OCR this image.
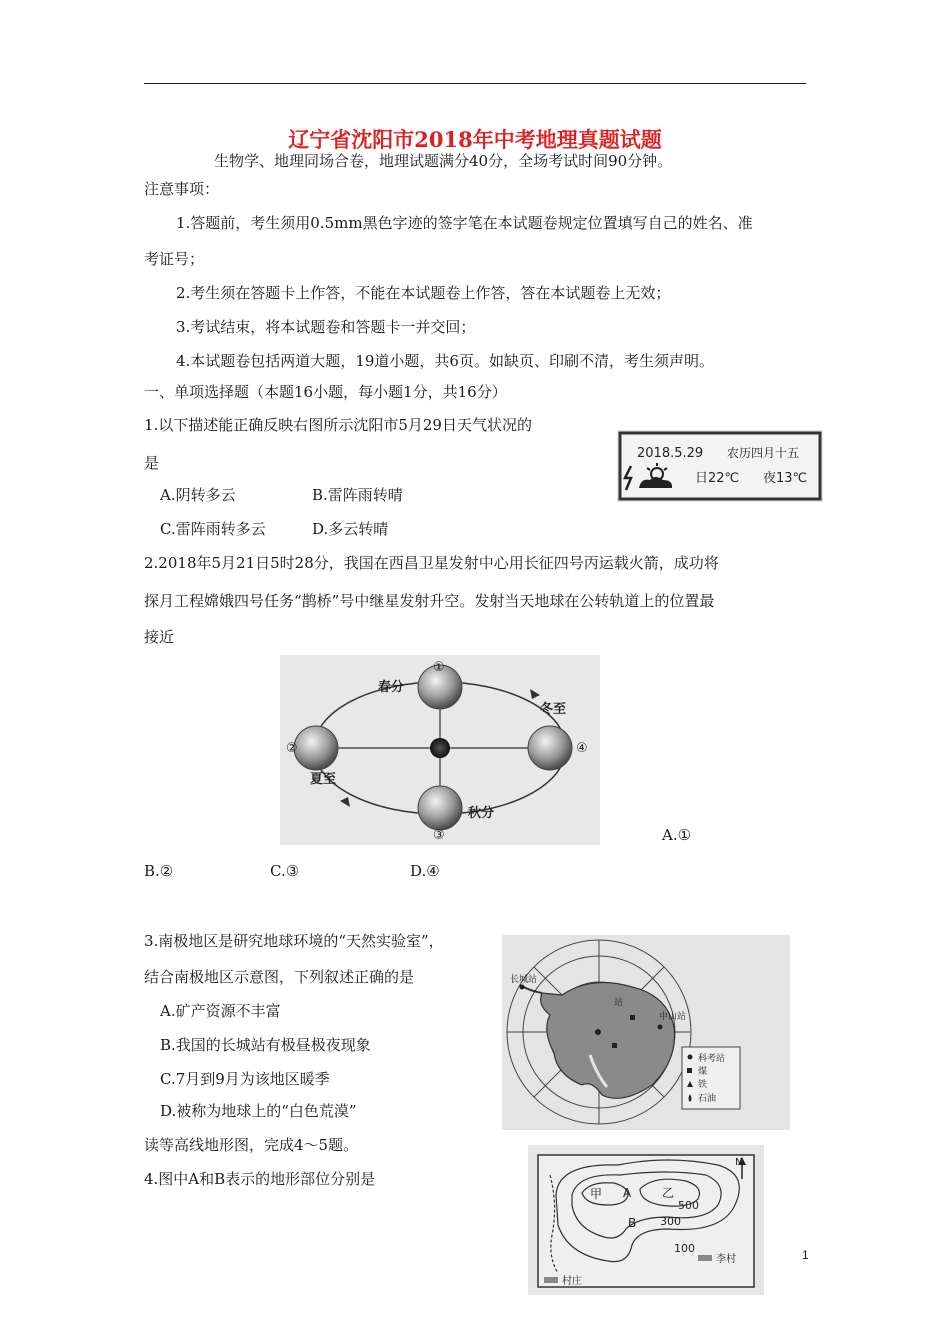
辽宁省沈阳市2018年中考地理真题试题
生物学、地理同场合卷，地理试题满分40分，全场考试时间90分钟。
注意事项：
1.答题前，考生须用0.5mm黑色字迹的签字笔在本试题卷规定位置填写自己的姓名、准
考证号；
2.考生须在答题卡上作答，不能在本试题卷上作答，答在本试题卷上无效；
3.考试结束，将本试题卷和答题卡一并交回；
4.本试题卷包括两道大题，19道小题，共6页。如缺页、印刷不清，考生须声明。
一、单项选择题（本题16小题，每小题1分，共16分）
1.以下描述能正确反映右图所示沈阳市5月29日天气状况的
是
A.阴转多云	B.雷阵雨转晴
C.雷阵雨转多云	D.多云转晴
2018.5.29 农历四月十五
日22℃ 夜13℃
2.2018年5月21日5时28分，我国在西昌卫星发射中心用长征四号丙运载火箭，成功将
探月工程嫦娥四号任务“鹊桥”号中继星发射升空。发射当天地球在公转轨道上的位置最
接近
①
②
③
④
春分
夏至
秋分
冬至
A.①
B.②	C.③	D.④
3.南极地区是研究地球环境的“天然实验室”，
结合南极地区示意图，下列叙述正确的是
A.矿产资源不丰富
B.我国的长城站有极昼极夜现象
C.7月到9月为该地区暖季
D.被称为地球上的“白色荒漠”
长城站
中山站
站
科考站
煤
铁
石油
读等高线地形图，完成4～5题。
4.图中A和B表示的地形部位分别是
甲	乙
A
B
500
300
100
N
李村
村庄
1
